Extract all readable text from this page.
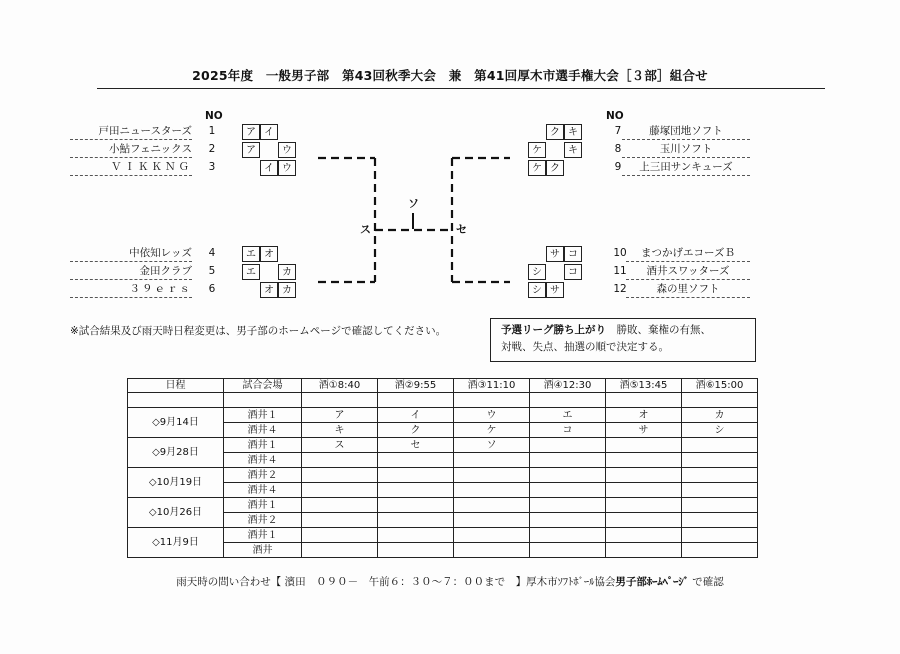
2025年度　一般男子部　第43回秋季大会　兼　第41回厚木市選手権大会［３部］組合せ
NO	NO
戸田ニュースターズ	1
小鮎フェニックス	2
ＶＩＫＫＮＧ	3
中依知レッズ	4
金田クラブ	5
３９ｅｒｓ	6
7	藤塚団地ソフト
8	玉川ソフト
9	上三田サンキューズ
10	まつかげエコーズＢ
11	酒井スワッターズ
12	森の里ソフト
ア イ
ア	ウ
イ ウ
エ オ
エ	カ
オ カ
ク キ
ケ	キ
ケ ク
サ コ
シ	コ
シ サ
ス
ソ
セ
※試合結果及び雨天時日程変更は、男子部のホームページで確認してください。	予選リーグ勝ち上がり　勝敗、棄権の有無、
対戦、失点、抽選の順で決定する。
日程	試合会場	酒①8:40	酒②9:55	酒③11:10	酒④12:30	酒⑤13:45	酒⑥15:00

◇9月14日	酒井１	ア	イ	ウ	エ	オ	カ
	酒井４	キ	ク	ケ	コ	サ	シ
◇9月28日	酒井１	ス	セ	ソ			
	酒井４						
◇10月19日	酒井２						
	酒井４						
◇10月26日	酒井１						
	酒井２						
◇11月9日	酒井１						
	酒井						
雨天時の問い合わせ【 濱田　０９０－　午前６：３０～７：００まで　】厚木市ｿﾌﾄﾎﾞｰﾙ協会男子部ﾎｰﾑﾍﾟｰｼﾞ で確認
